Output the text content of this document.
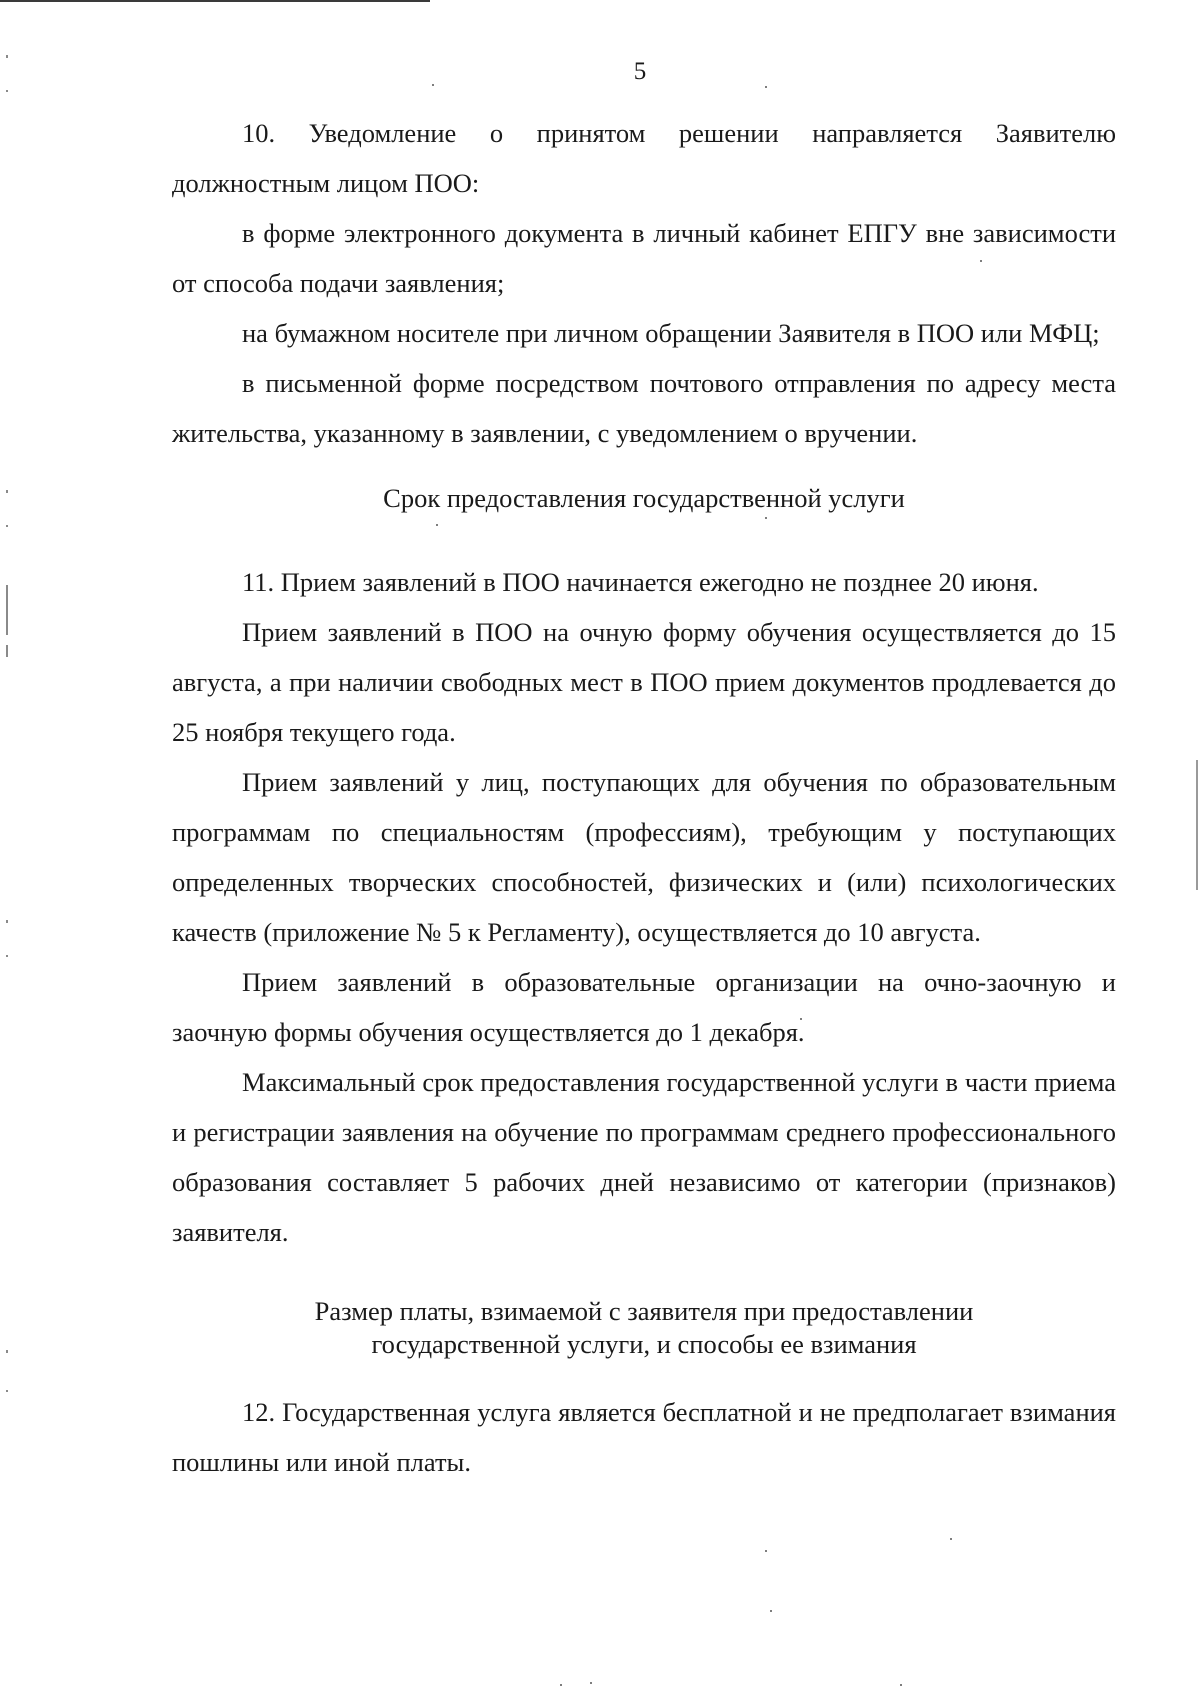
5

10. Уведомление о принятом решении направляется Заявителю должностным лицом ПОО:

в форме электронного документа в личный кабинет ЕПГУ вне зависимости от способа подачи заявления;

на бумажном носителе при личном обращении Заявителя в ПОО или МФЦ;

в письменной форме посредством почтового отправления по адресу места жительства, указанному в заявлении, с уведомлением о вручении.

Срок предоставления государственной услуги

11. Прием заявлений в ПОО начинается ежегодно не позднее 20 июня.

Прием заявлений в ПОО на очную форму обучения осуществляется до 15 августа, а при наличии свободных мест в ПОО прием документов продлевается до 25 ноября текущего года.

Прием заявлений у лиц, поступающих для обучения по образовательным программам по специальностям (профессиям), требующим у поступающих определенных творческих способностей, физических и (или) психологических качеств (приложение № 5 к Регламенту), осуществляется до 10 августа.

Прием заявлений в образовательные организации на очно-заочную и заочную формы обучения осуществляется до 1 декабря.

Максимальный срок предоставления государственной услуги в части приема и регистрации заявления на обучение по программам среднего профессионального образования составляет 5 рабочих дней независимо от категории (признаков) заявителя.

Размер платы, взимаемой с заявителя при предоставлении
государственной услуги, и способы ее взимания

12. Государственная услуга является бесплатной и не предполагает взимания пошлины или иной платы.
